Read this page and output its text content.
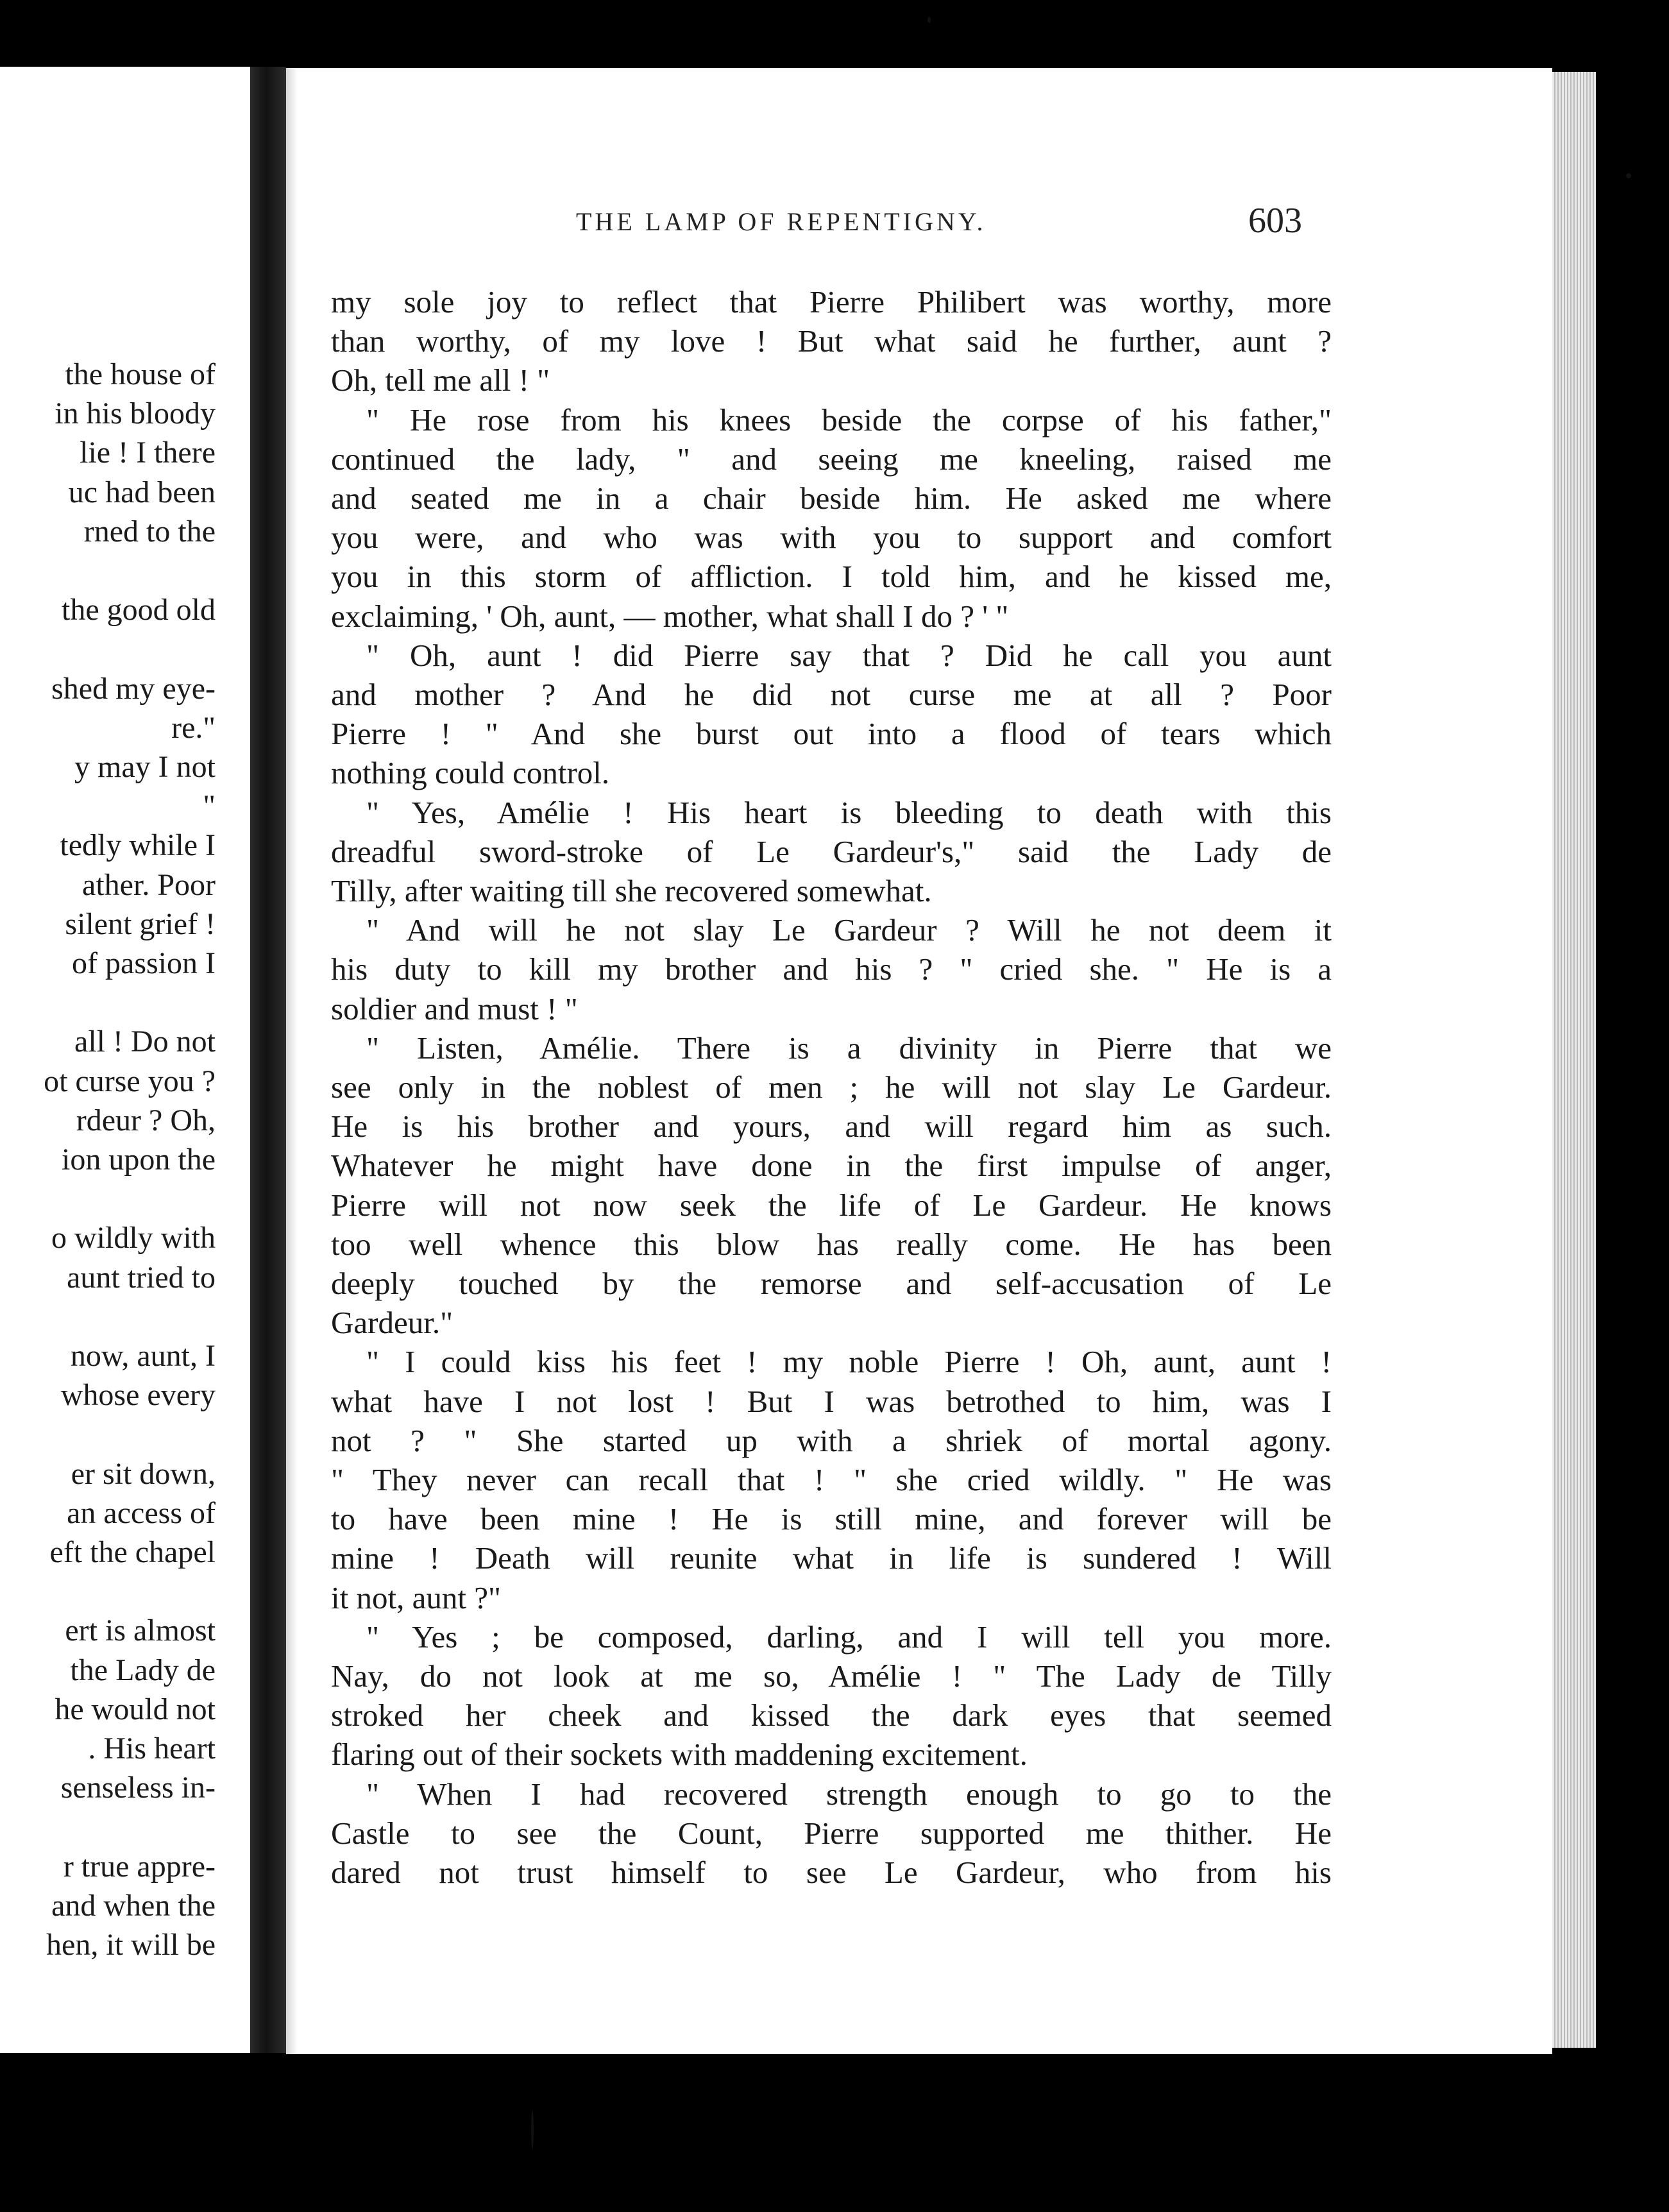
the house of
in his bloody
lie ! I there
uc had been
rned to the
the good old
shed my eye-
re."
y may I not
"
tedly while I
ather. Poor
silent grief !
of passion I
all ! Do not
ot curse you ?
rdeur ? Oh,
ion upon the
o wildly with
aunt tried to
now, aunt, I
whose every
er sit down,
an access of
eft the chapel
ert is almost
the Lady de
he would not
. His heart
senseless in-
r true appre-
and when the
hen, it will be
THE LAMP OF REPENTIGNY.	603
my sole joy to reflect that Pierre Philibert was worthy, more
than worthy, of my love ! But what said he further, aunt ?
Oh, tell me all ! "
" He rose from his knees beside the corpse of his father,"
continued the lady, " and seeing me kneeling, raised me
and seated me in a chair beside him. He asked me where
you were, and who was with you to support and comfort
you in this storm of affliction. I told him, and he kissed me,
exclaiming, ' Oh, aunt, — mother, what shall I do ? ' "
" Oh, aunt ! did Pierre say that ? Did he call you aunt
and mother ? And he did not curse me at all ? Poor
Pierre ! " And she burst out into a flood of tears which
nothing could control.
" Yes, Amélie ! His heart is bleeding to death with this
dreadful sword-stroke of Le Gardeur's," said the Lady de
Tilly, after waiting till she recovered somewhat.
" And will he not slay Le Gardeur ? Will he not deem it
his duty to kill my brother and his ? " cried she. " He is a
soldier and must ! "
" Listen, Amélie. There is a divinity in Pierre that we
see only in the noblest of men ; he will not slay Le Gardeur.
He is his brother and yours, and will regard him as such.
Whatever he might have done in the first impulse of anger,
Pierre will not now seek the life of Le Gardeur. He knows
too well whence this blow has really come. He has been
deeply touched by the remorse and self-accusation of Le
Gardeur."
" I could kiss his feet ! my noble Pierre ! Oh, aunt, aunt !
what have I not lost ! But I was betrothed to him, was I
not ? " She started up with a shriek of mortal agony.
" They never can recall that ! " she cried wildly. " He was
to have been mine ! He is still mine, and forever will be
mine ! Death will reunite what in life is sundered ! Will
it not, aunt ?"
" Yes ; be composed, darling, and I will tell you more.
Nay, do not look at me so, Amélie ! " The Lady de Tilly
stroked her cheek and kissed the dark eyes that seemed
flaring out of their sockets with maddening excitement.
" When I had recovered strength enough to go to the
Castle to see the Count, Pierre supported me thither. He
dared not trust himself to see Le Gardeur, who from his
